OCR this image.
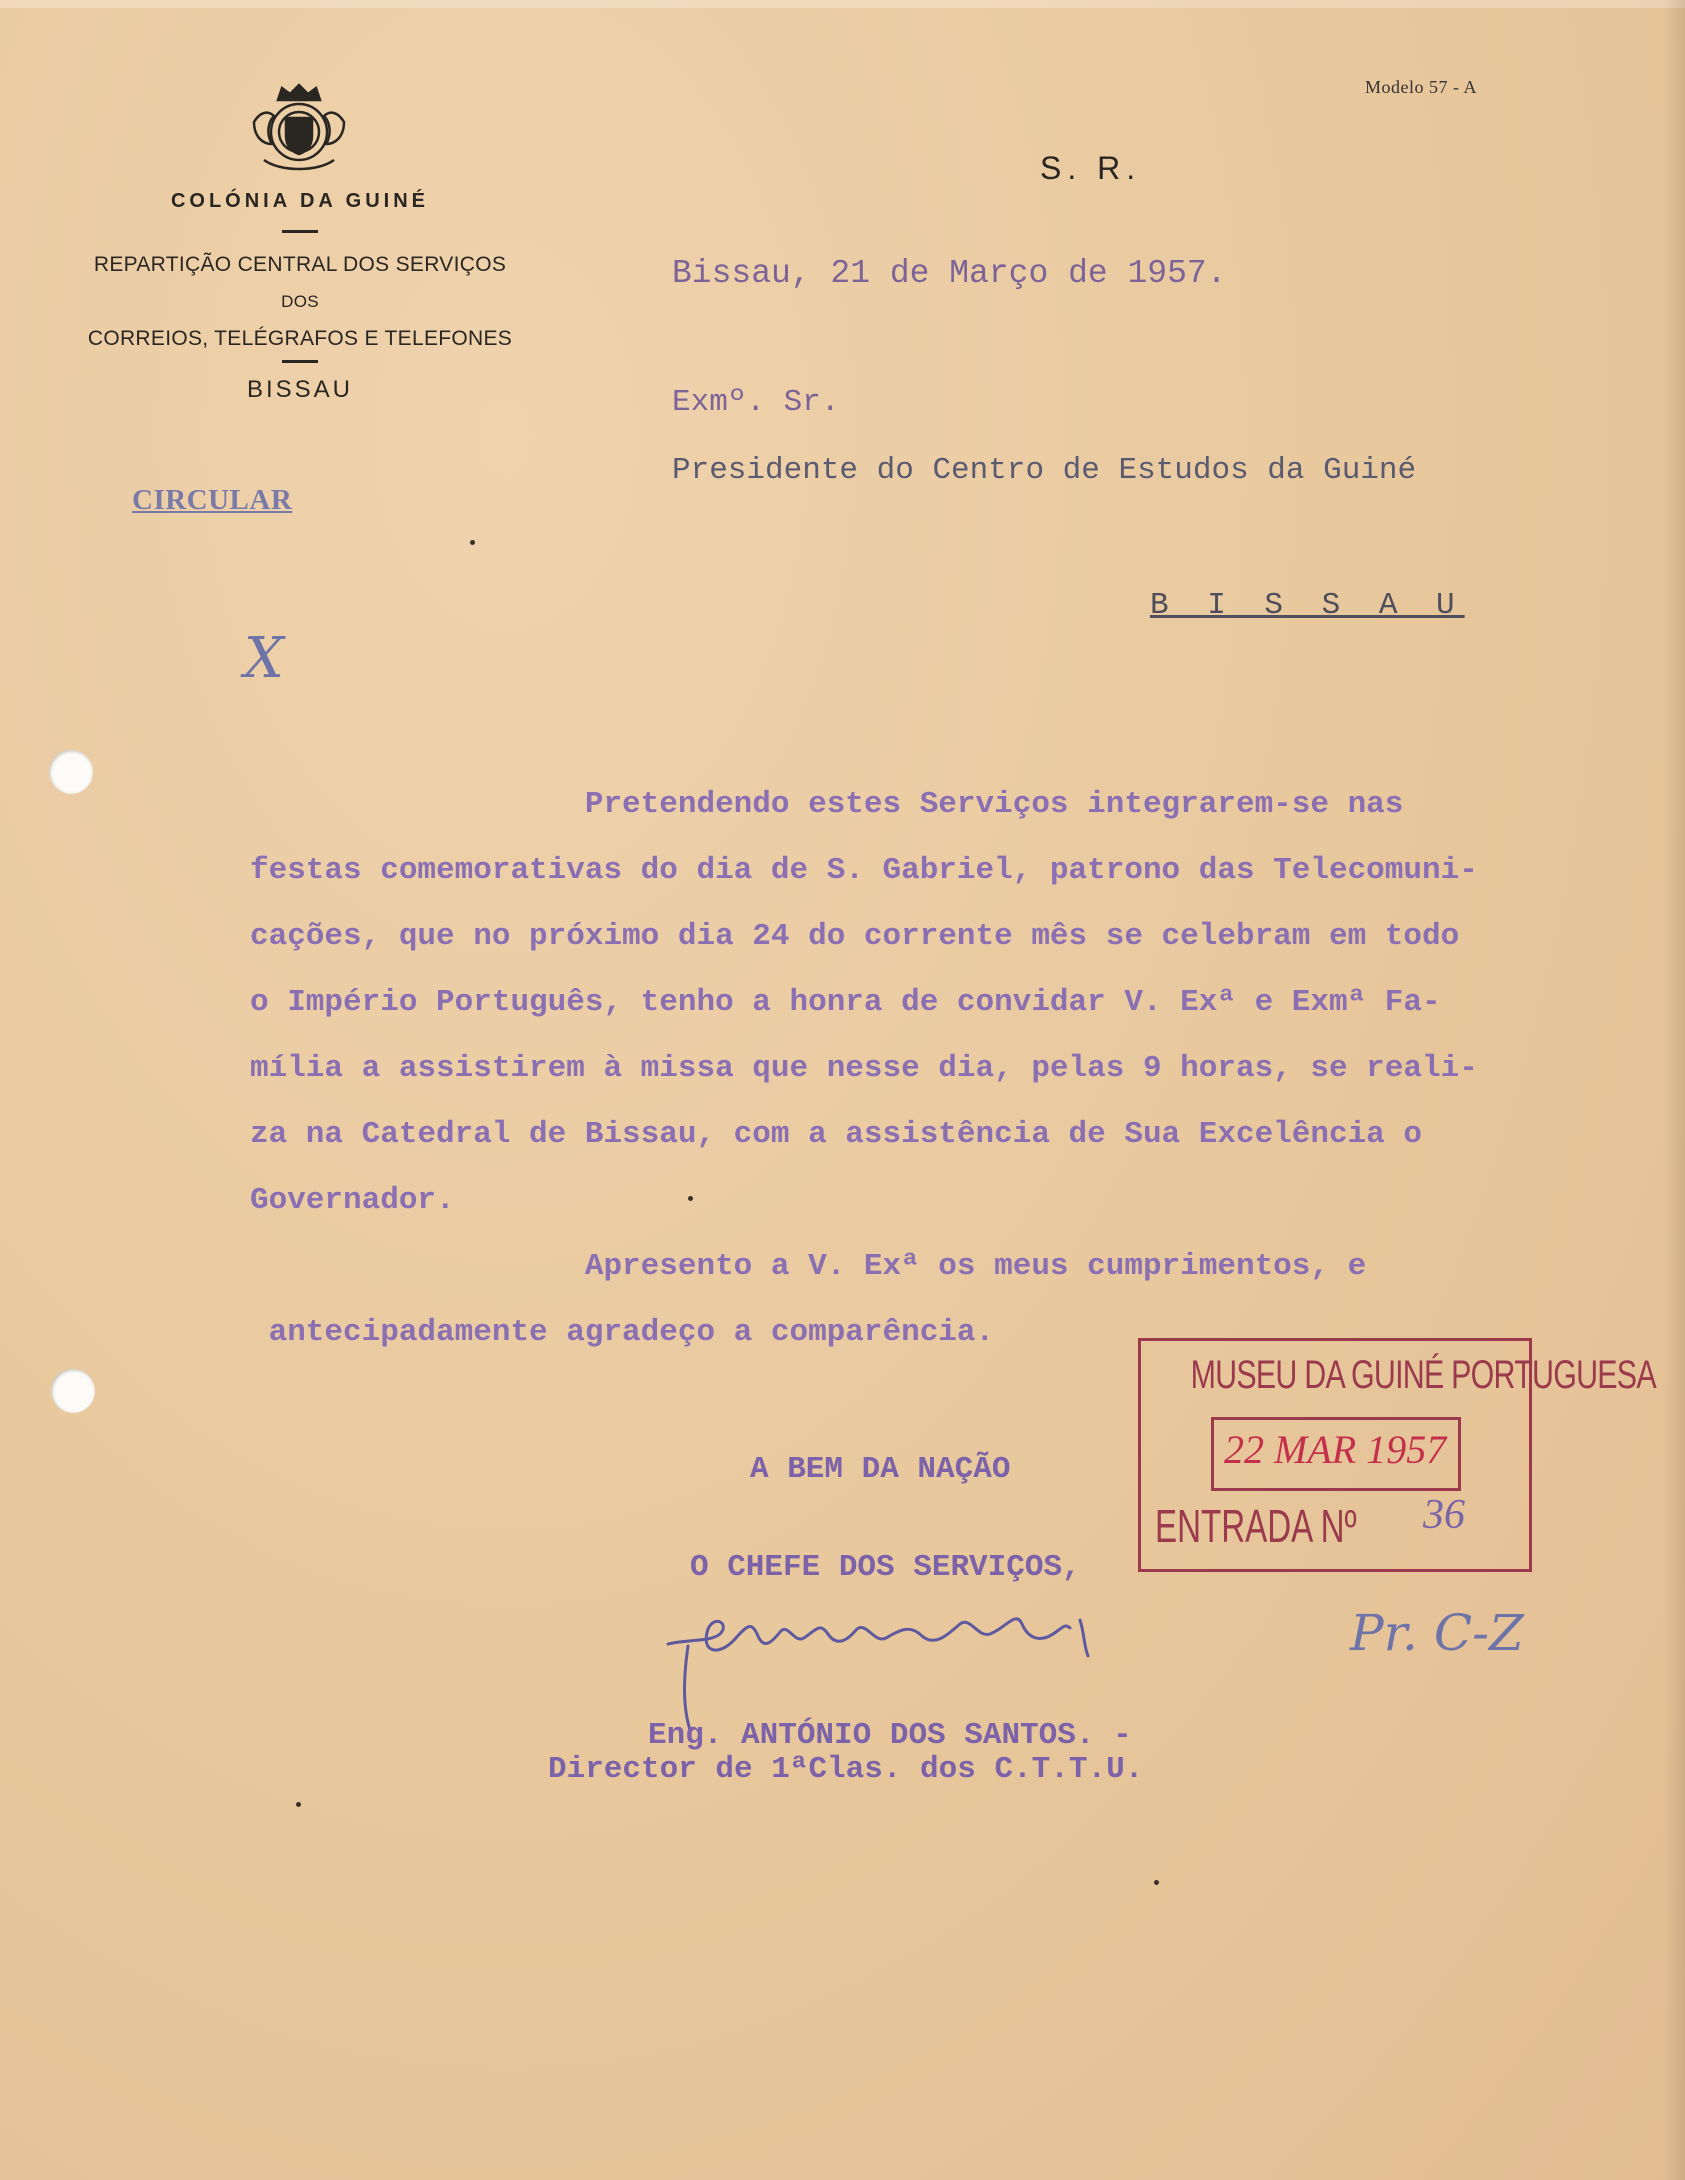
Modelo 57 - A
COLÓNIA DA GUINÉ
REPARTIÇÃO CENTRAL DOS SERVIÇOS
DOS
CORREIOS, TELÉGRAFOS E TELEFONES
BISSAU
CIRCULAR
S. R.
Bissau, 21 de Março de 1957.
Exmº. Sr.
Presidente do Centro de Estudos da Guiné
B I S S A U
X
Pretendendo estes Serviços integrarem-se nas
festas comemorativas do dia de S. Gabriel, patrono das Telecomuni-
cações, que no próximo dia 24 do corrente mês se celebram em todo
o Império Português, tenho a honra de convidar V. Exª e Exmª Fa-
mília a assistirem à missa que nesse dia, pelas 9 horas, se reali-
za na Catedral de Bissau, com a assistência de Sua Excelência o
Governador.
Apresento a V. Exª os meus cumprimentos, e
antecipadamente agradeço a comparência.
A BEM DA NAÇÃO
O CHEFE DOS SERVIÇOS,
Eng. ANTÓNIO DOS SANTOS. -
Director de 1ªClas. dos C.T.T.U.
MUSEU DA GUINÉ PORTUGUESA
22 MAR 1957
ENTRADA Nº 36
Pr. C-Z
